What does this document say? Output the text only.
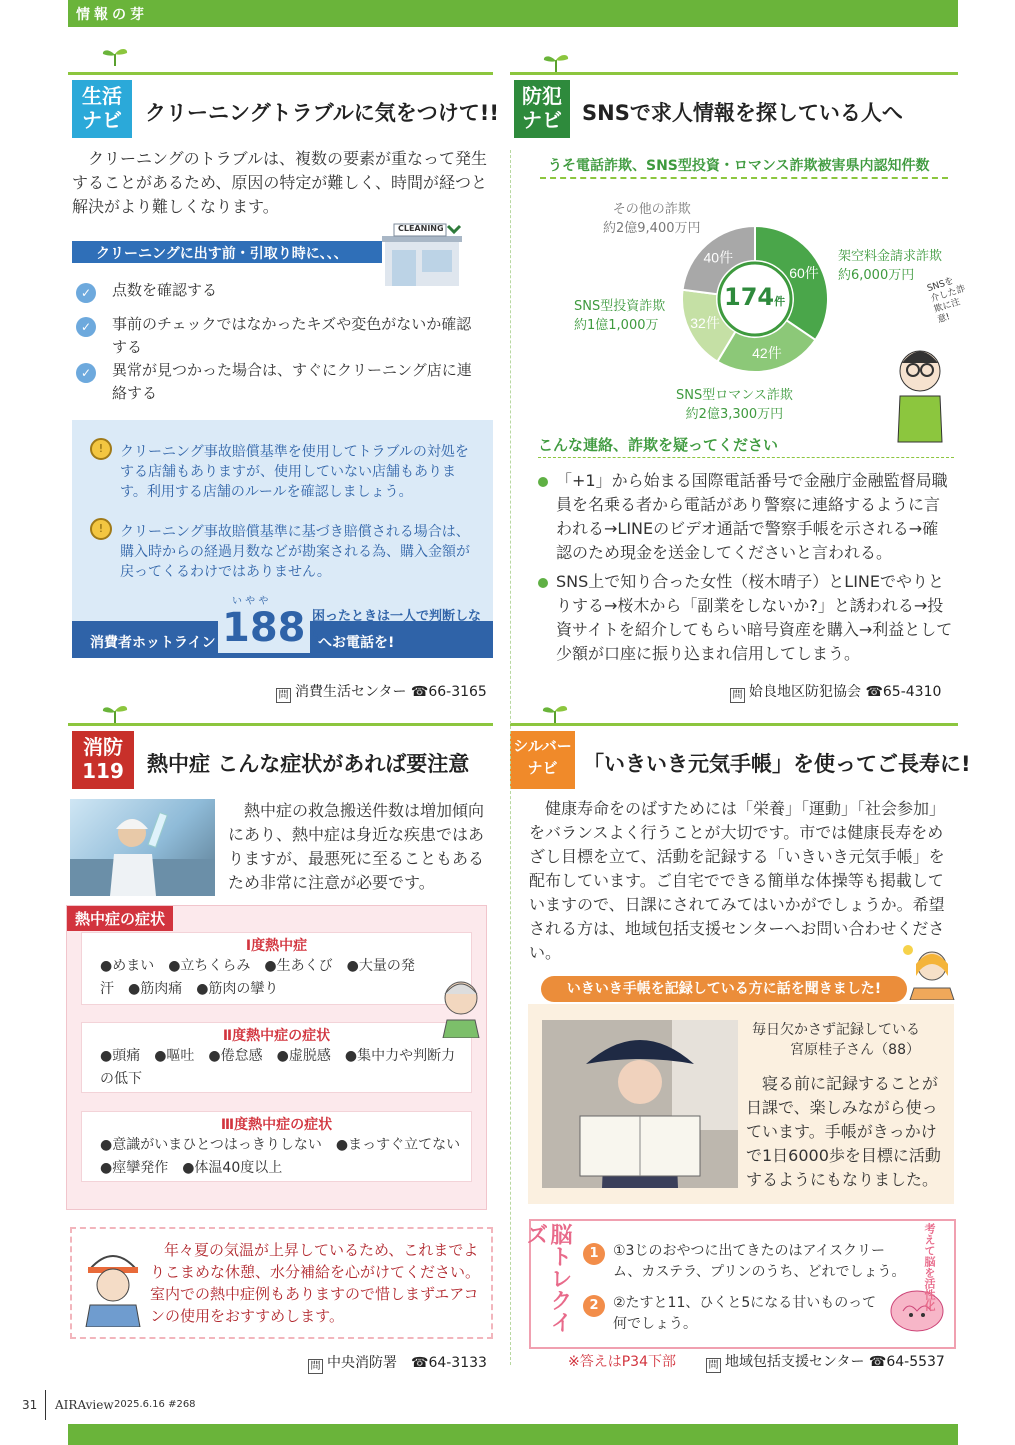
情報の芽
生活
ナビ	クリーニングトラブルに気をつけて!!
クリーニングのトラブルは、複数の要素が重なって発生することがあるため、原因の特定が難しく、時間が経つと解決がより難しくなります。
クリーニングに出す前・引取り時に、、、
CLEANING
✓	点数を確認する
✓	事前のチェックではなかったキズや変色がないか確認する
✓	異常が見つかった場合は、すぐにクリーニング店に連絡する
!	クリーニング事故賠償基準を使用してトラブルの対処をする店舗もありますが、使用していない店舗もあります。利用する店舗のルールを確認しましょう。
!	クリーニング事故賠償基準に基づき賠償される場合は、購入時からの経過月数などが勘案される為、購入金額が戻ってくるわけではありません。
消費者ホットライン 188
い や や
困ったときは一人で判断しない
へお電話を!
問 消費生活センター ☎66-3165
防犯
ナビ SNSで求人情報を探している人へ
うそ電話詐欺、SNS型投資・ロマンス詐欺被害県内認知件数
60件
42件
32件
40件
174件
その他の詐欺
約2億9,400万円
架空料金請求詐欺
約6,000万円
SNS型投資詐欺
約1億1,000万
SNS型ロマンス詐欺
約2億3,300万円
SNSを介した詐欺に注意!
こんな連絡、詐欺を疑ってください
「+1」から始まる国際電話番号で金融庁金融監督局職員を名乗る者から電話があり警察に連絡するように言われる→LINEのビデオ通話で警察手帳を示される→確認のため現金を送金してくださいと言われる。
SNS上で知り合った女性（桜木晴子）とLINEでやりとりする→桜木から「副業をしないか?」と誘われる→投資サイトを紹介してもらい暗号資産を購入→利益として少額が口座に振り込まれ信用してしまう。
問 姶良地区防犯協会 ☎65-4310
消防
119	熱中症 こんな症状があれば要注意
熱中症の救急搬送件数は増加傾向にあり、熱中症は身近な疾患ではありますが、最悪死に至ることもあるため非常に注意が必要です。
熱中症の症状
Ⅰ度熱中症
●めまい　●立ちくらみ　●生あくび　●大量の発汗　●筋肉痛　●筋肉の攣り
Ⅱ度熱中症の症状
●頭痛　●嘔吐　●倦怠感　●虚脱感　●集中力や判断力の低下
Ⅲ度熱中症の症状
●意識がいまひとつはっきりしない　●まっすぐ立てない　●痙攣発作　●体温40度以上
年々夏の気温が上昇しているため、これまでよりこまめな休憩、水分補給を心がけてください。室内での熱中症例もありますので惜しまずエアコンの使用をおすすめします。
問 中央消防署　 ☎64-3133
シルバー
ナビ	「いきいき元気手帳」を使ってご長寿に!
健康寿命をのばすためには「栄養」「運動」「社会参加」をバランスよく行うことが大切です。市では健康長寿をめざし目標を立て、活動を記録する「いきいき元気手帳」を配布しています。ご自宅でできる簡単な体操等も掲載していますので、日課にされてみてはいかがでしょうか。希望される方は、地域包括支援センターへお問い合わせください。
いきいき手帳を記録している方に話を聞きました!
毎日欠かさず記録している
宮原桂子さん（88）
寝る前に記録することが日課で、楽しみながら使っています。手帳がきっかけで1日6000歩を目標に活動するようにもなりました。
脳トレクイズ
1	①3じのおやつに出てきたのはアイスクリーム、カステラ、プリンのうち、どれでしょう。
2	②たすと11、ひくと5になる甘いものって何でしょう。
考えて脳を活性化
※答えはP34下部	問 地域包括支援センター ☎64-5537
31 AIRAview 2025.6.16 #268
